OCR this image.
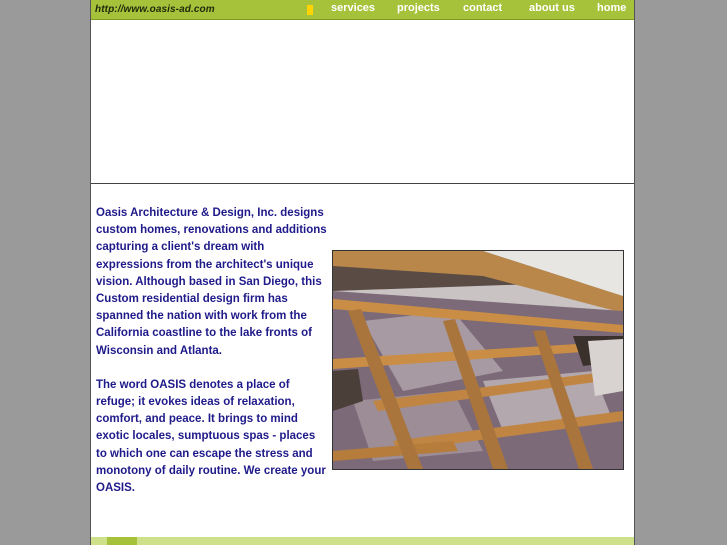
http://www.oasis-ad.com	services projects contact about us home

Oasis Architecture & Design, Inc. designs custom homes, renovations and additions capturing a client's dream with expressions from the architect's unique vision. Although based in San Diego, this Custom residential design firm has spanned the nation with work from the California coastline to the lake fronts of Wisconsin and Atlanta.

The word OASIS denotes a place of refuge; it evokes ideas of relaxation, comfort, and peace. It brings to mind exotic locales, sumptuous spas - places to which one can escape the stress and monotony of daily routine. We create your OASIS.
